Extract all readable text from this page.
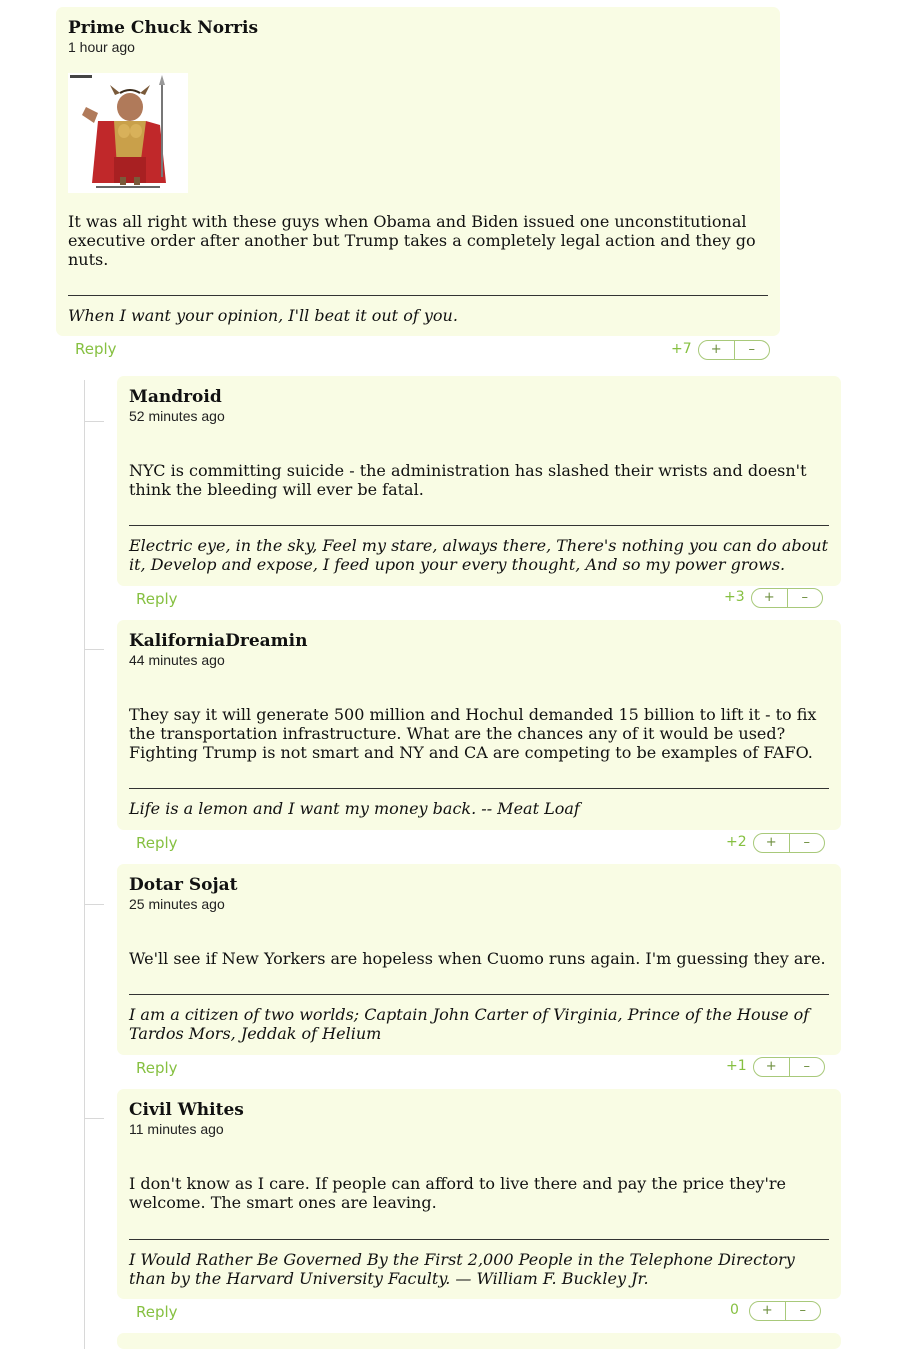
Prime Chuck Norris
1 hour ago
It was all right with these guys when Obama and Biden issued one unconstitutional executive order after another but Trump takes a completely legal action and they go nuts.
When I want your opinion, I'll beat it out of you.
Reply	+7	+	–
Mandroid
52 minutes ago
NYC is committing suicide - the administration has slashed their wrists and doesn't think the bleeding will ever be fatal.
Electric eye, in the sky, Feel my stare, always there, There's nothing you can do about it, Develop and expose, I feed upon your every thought, And so my power grows.
Reply	+3	+	–
KaliforniaDreamin
44 minutes ago
They say it will generate 500 million and Hochul demanded 15 billion to lift it - to fix the transportation infrastructure. What are the chances any of it would be used? Fighting Trump is not smart and NY and CA are competing to be examples of FAFO.
Life is a lemon and I want my money back. -- Meat Loaf
Reply	+2	+	–
Dotar Sojat
25 minutes ago
We'll see if New Yorkers are hopeless when Cuomo runs again. I'm guessing they are.
I am a citizen of two worlds; Captain John Carter of Virginia, Prince of the House of Tardos Mors, Jeddak of Helium
Reply	+1	+	–
Civil Whites
11 minutes ago
I don't know as I care. If people can afford to live there and pay the price they're welcome. The smart ones are leaving.
I Would Rather Be Governed By the First 2,000 People in the Telephone Directory than by the Harvard University Faculty. — William F. Buckley Jr.
Reply	0	+	–
